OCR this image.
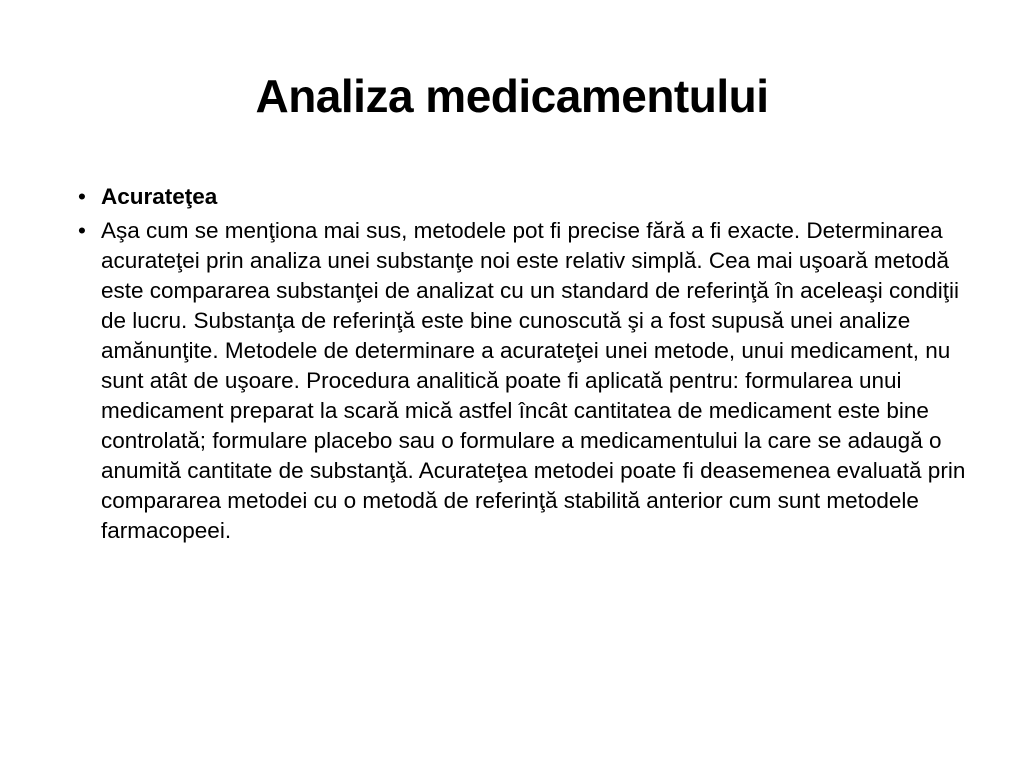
Analiza medicamentului
• Acurateţea
• Aşa cum se menţiona mai sus, metodele pot fi precise fără a fi exacte. Determinarea acurateţei prin analiza unei substanţe noi este relativ simplă. Cea mai uşoară metodă este compararea substanţei de analizat cu un standard de referinţă în aceleaşi condiţii de lucru. Substanţa de referinţă este bine cunoscută şi a fost supusă unei analize amănunţite. Metodele de determinare a acurateţei unei metode, unui medicament, nu sunt atât de uşoare. Procedura analitică poate fi aplicată pentru: formularea unui medicament preparat la scară mică astfel încât cantitatea de medicament este bine controlată; formulare placebo sau o formulare a medicamentului la care se adaugă o anumită cantitate de substanţă. Acurateţea metodei poate fi deasemenea evaluată prin compararea metodei cu o metodă de referinţă stabilită anterior cum sunt metodele farmacopeei.
